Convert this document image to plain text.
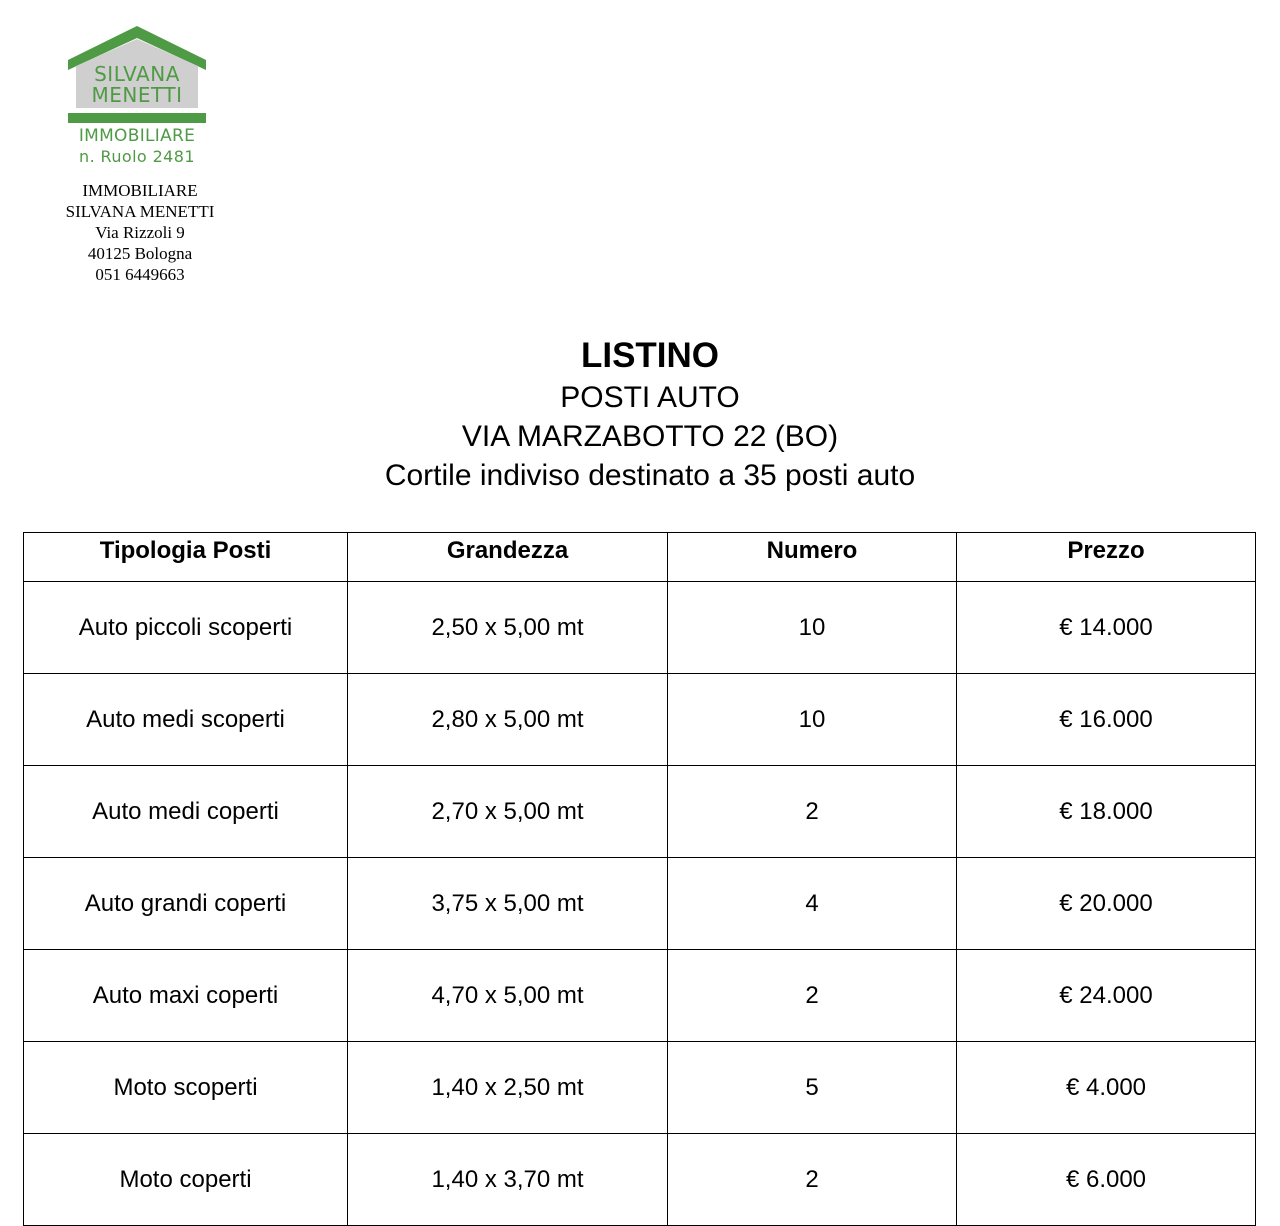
SILVANA MENETTI
IMMOBILIARE
n. Ruolo 2481
IMMOBILIARE
SILVANA MENETTI
Via Rizzoli 9
40125 Bologna
051 6449663
LISTINO
POSTI AUTO
VIA MARZABOTTO 22 (BO)
Cortile indiviso destinato a 35 posti auto
Tipologia Posti	Grandezza	Numero	Prezzo
Auto piccoli scoperti	2,50 x 5,00 mt	10	€ 14.000
Auto medi scoperti	2,80 x 5,00 mt	10	€ 16.000
Auto medi coperti	2,70 x 5,00 mt	2	€ 18.000
Auto grandi coperti	3,75 x 5,00 mt	4	€ 20.000
Auto maxi coperti	4,70 x 5,00 mt	2	€ 24.000
Moto scoperti	1,40 x 2,50 mt	5	€ 4.000
Moto coperti	1,40 x 3,70 mt	2	€ 6.000
